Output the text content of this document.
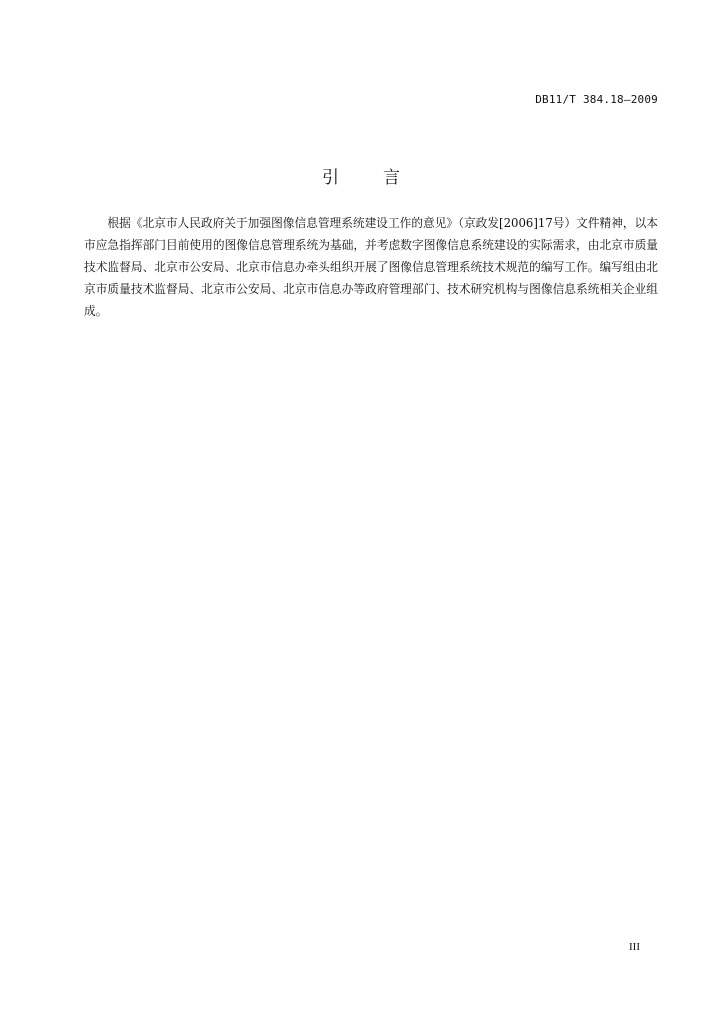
DB11/T 384.18—2009
引 言

根据《北京市人民政府关于加强图像信息管理系统建设工作的意见》（京政发[2006]17号）文件精神，以本市应急指挥部门目前使用的图像信息管理系统为基础，并考虑数字图像信息系统建设的实际需求，由北京市质量技术监督局、北京市公安局、北京市信息办牵头组织开展了图像信息管理系统技术规范的编写工作。编写组由北京市质量技术监督局、北京市公安局、北京市信息办等政府管理部门、技术研究机构与图像信息系统相关企业组成。

III
